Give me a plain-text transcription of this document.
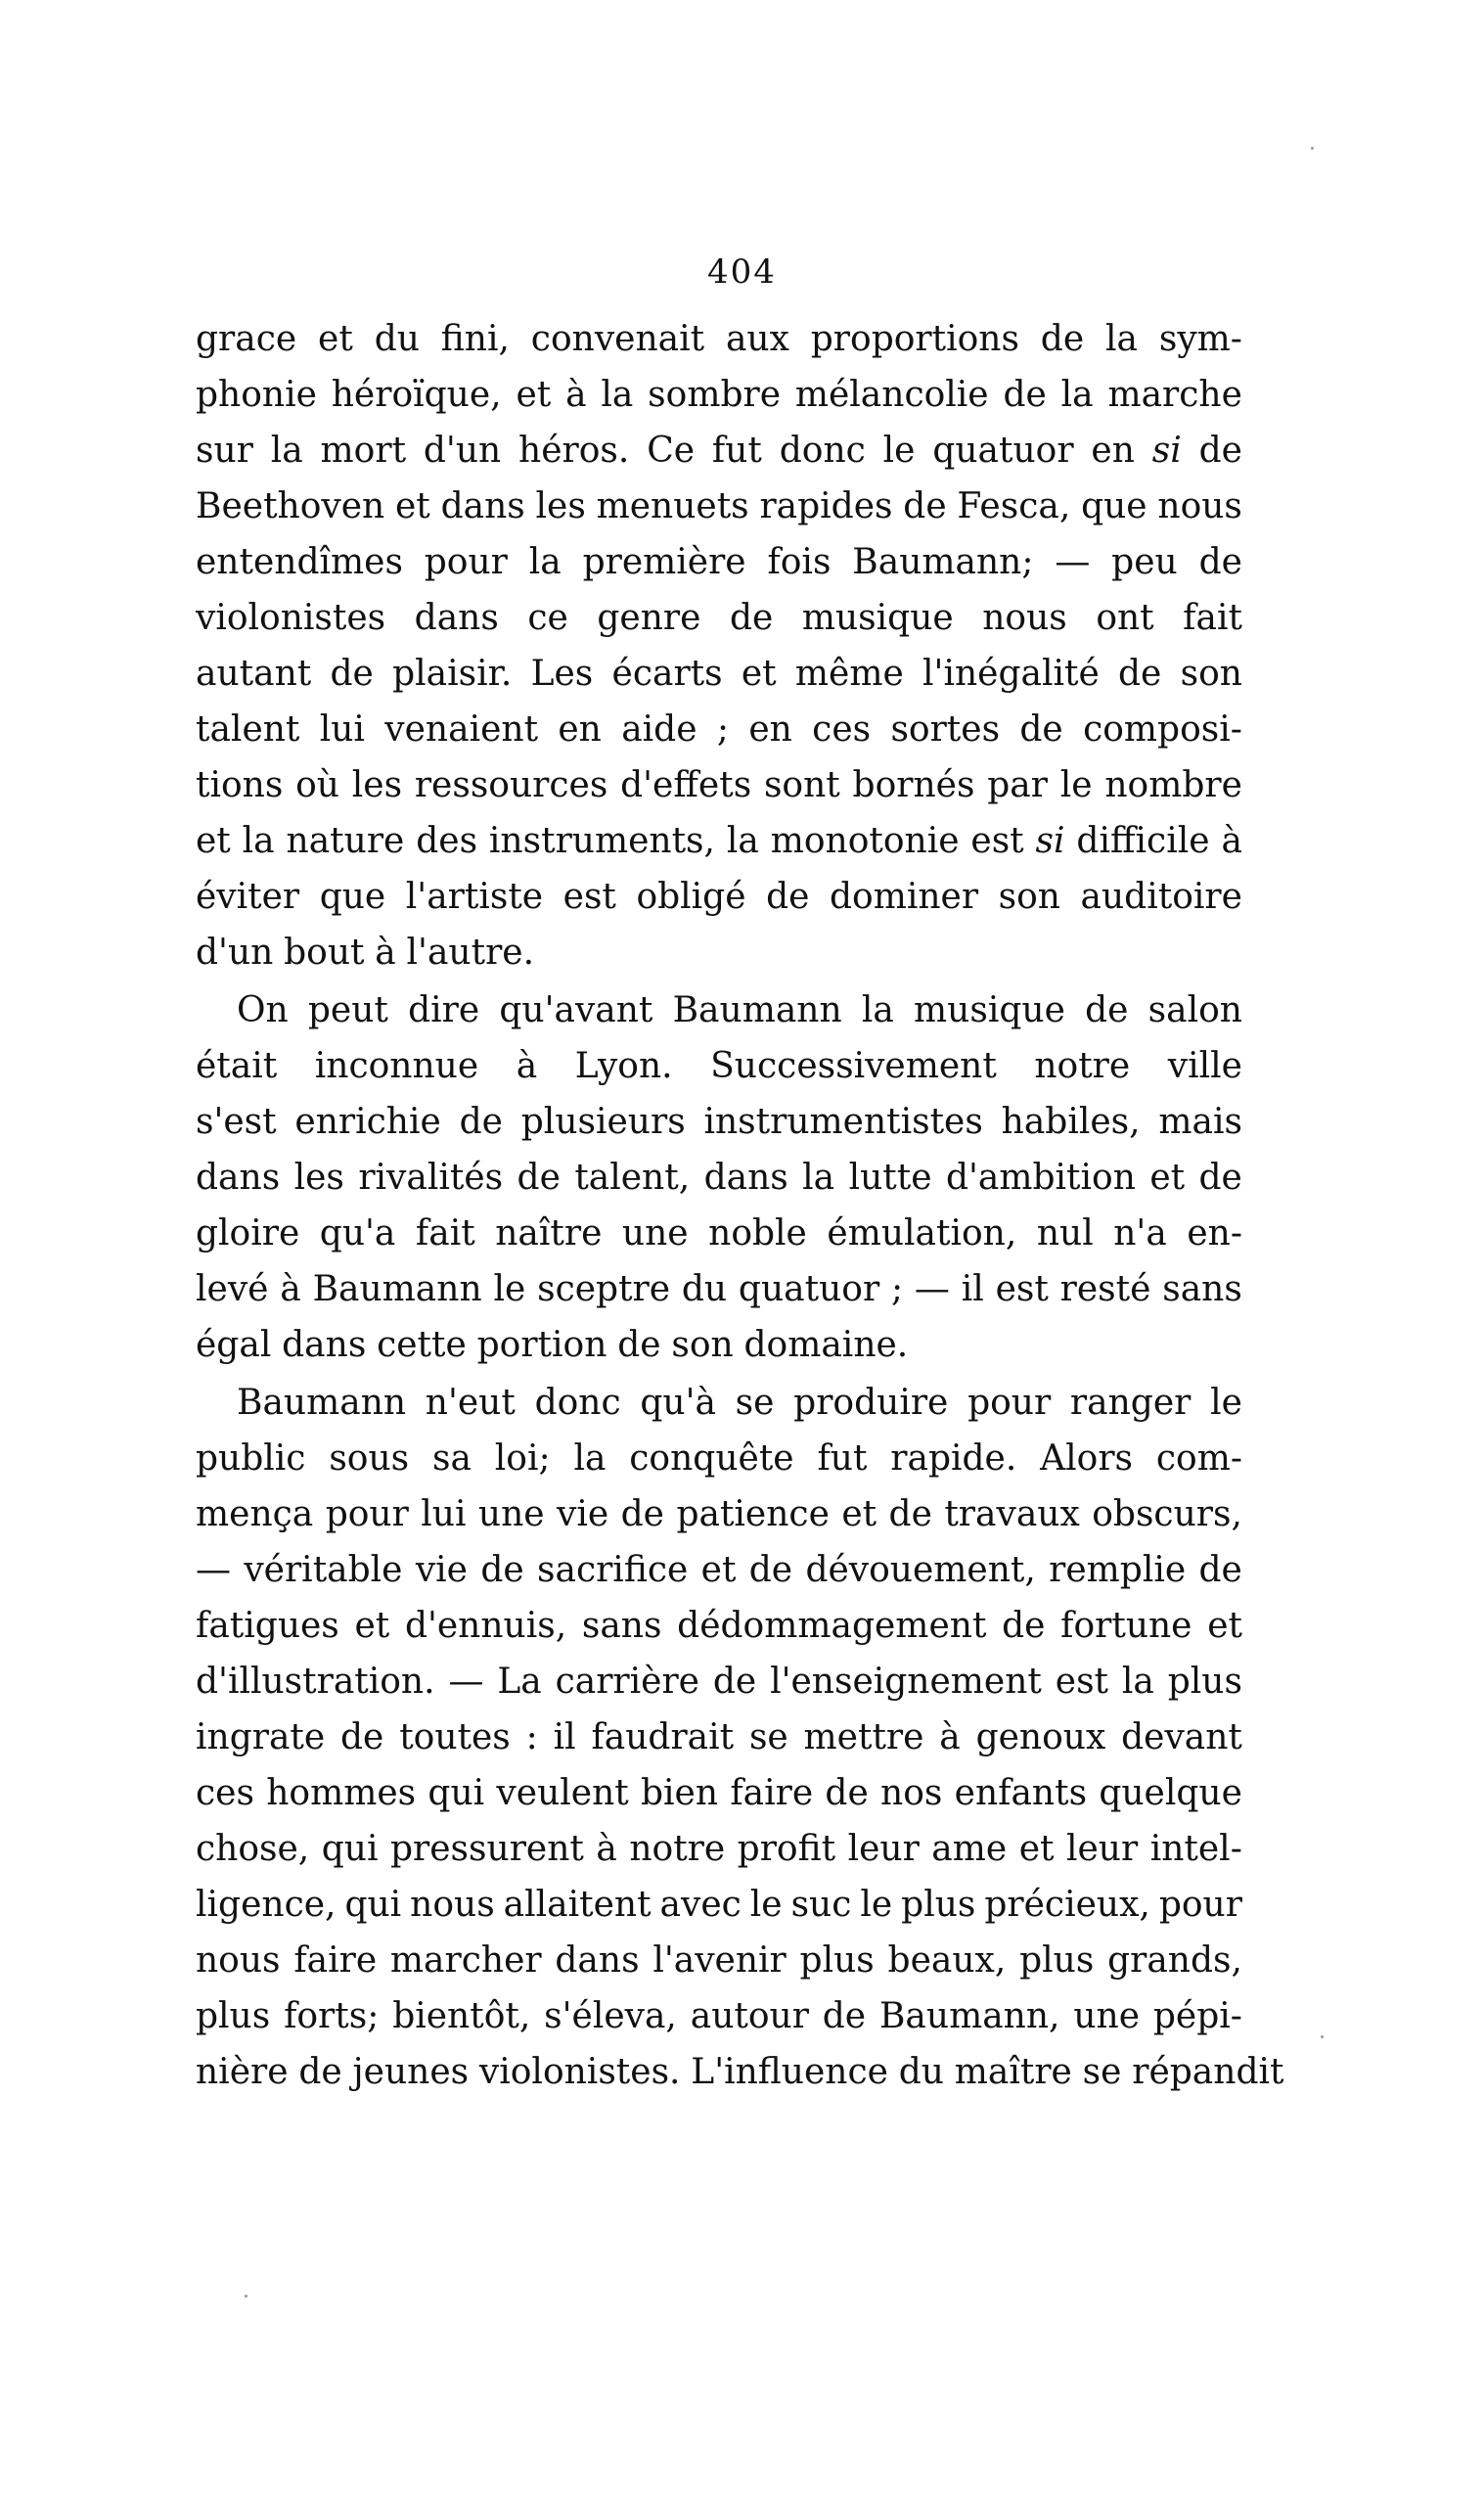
404
grace et du fini, convenait aux proportions de la sym-
phonie héroïque, et à la sombre mélancolie de la marche
sur la mort d'un héros. Ce fut donc le quatuor en si de
Beethoven et dans les menuets rapides de Fesca, que nous
entendîmes pour la première fois Baumann; — peu de
violonistes dans ce genre de musique nous ont fait
autant de plaisir. Les écarts et même l'inégalité de son
talent lui venaient en aide ; en ces sortes de composi-
tions où les ressources d'effets sont bornés par le nombre
et la nature des instruments, la monotonie est si difficile à
éviter que l'artiste est obligé de dominer son auditoire
d'un bout à l'autre.
On peut dire qu'avant Baumann la musique de salon
était inconnue à Lyon. Successivement notre ville
s'est enrichie de plusieurs instrumentistes habiles, mais
dans les rivalités de talent, dans la lutte d'ambition et de
gloire qu'a fait naître une noble émulation, nul n'a en-
levé à Baumann le sceptre du quatuor ; — il est resté sans
égal dans cette portion de son domaine.
Baumann n'eut donc qu'à se produire pour ranger le
public sous sa loi; la conquête fut rapide. Alors com-
mença pour lui une vie de patience et de travaux obscurs,
— véritable vie de sacrifice et de dévouement, remplie de
fatigues et d'ennuis, sans dédommagement de fortune et
d'illustration. — La carrière de l'enseignement est la plus
ingrate de toutes : il faudrait se mettre à genoux devant
ces hommes qui veulent bien faire de nos enfants quelque
chose, qui pressurent à notre profit leur ame et leur intel-
ligence, qui nous allaitent avec le suc le plus précieux, pour
nous faire marcher dans l'avenir plus beaux, plus grands,
plus forts; bientôt, s'éleva, autour de Baumann, une pépi-
nière de jeunes violonistes. L'influence du maître se répandit
